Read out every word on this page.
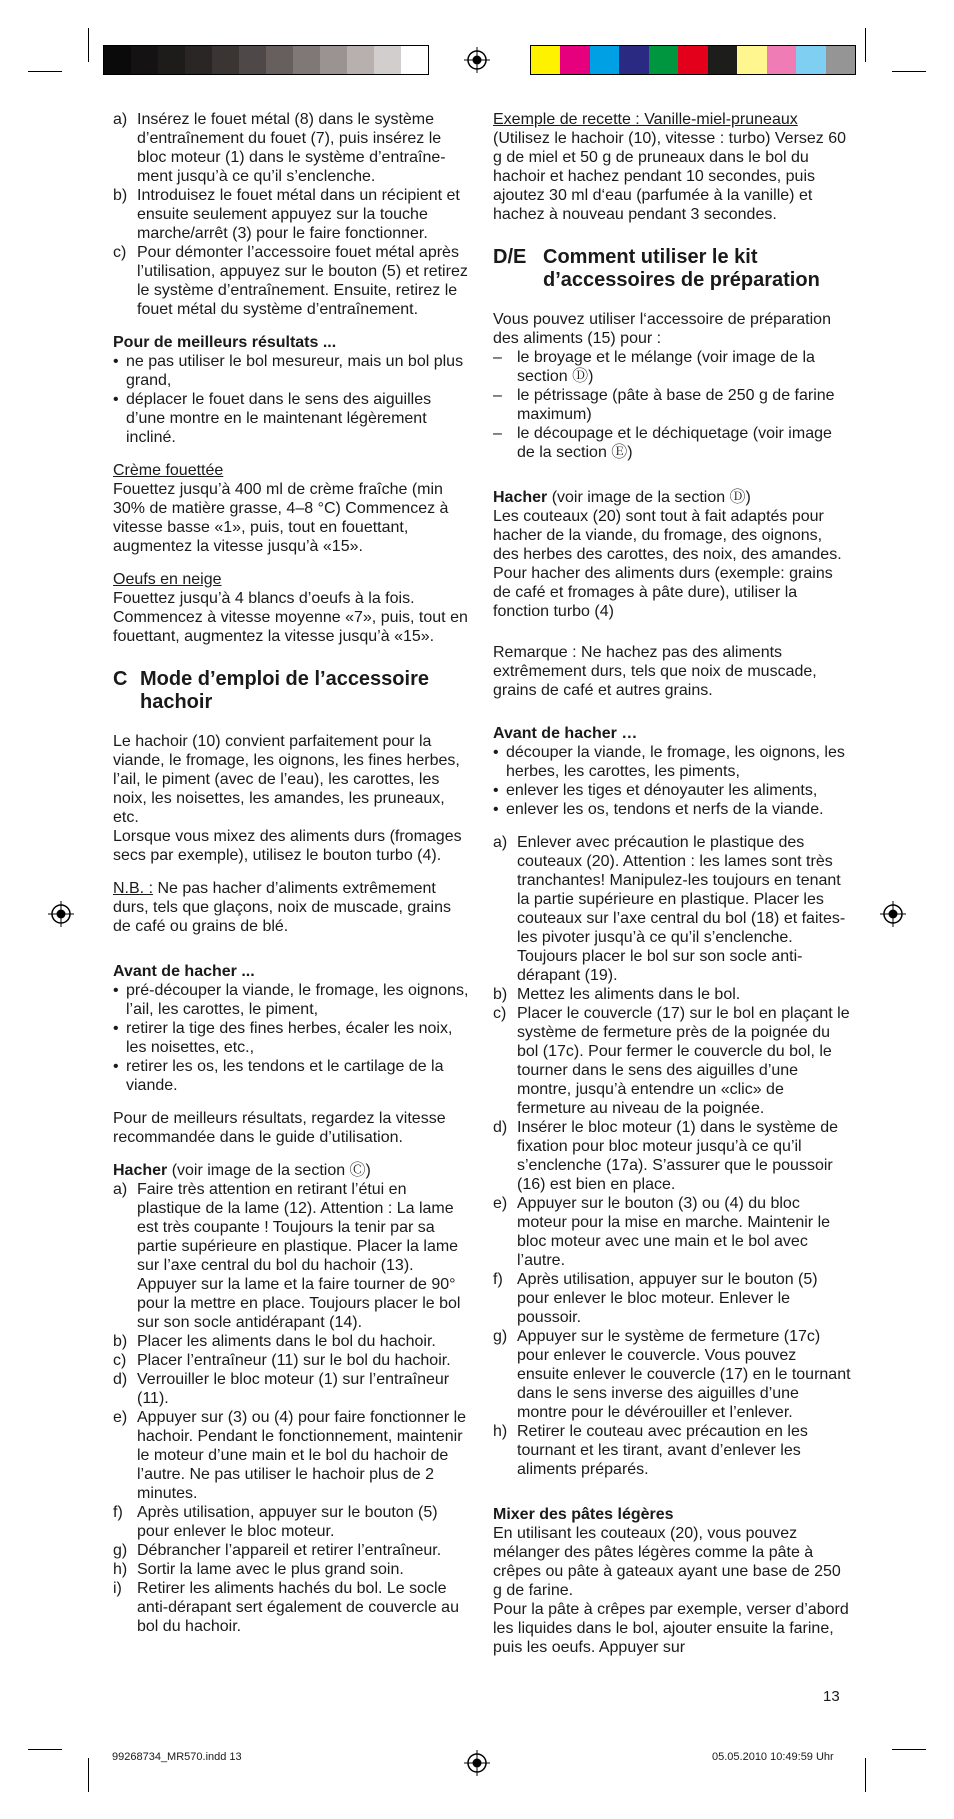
a) Insérez le fouet métal (8) dans le système d’entraînement du fouet (7), puis insérez le bloc moteur (1) dans le système d’entraînement jusqu’à ce qu’il s’enclenche.
b) Introduisez le fouet métal dans un récipient et ensuite seulement appuyez sur la touche marche/arrêt (3) pour le faire fonctionner.
c) Pour démonter l’accessoire fouet métal après l’utilisation, appuyez sur le bouton (5) et retirez le système d’entraînement. Ensuite, retirez le fouet métal du système d’entraînement.

Pour de meilleurs résultats ...

• ne pas utiliser le bol mesureur, mais un bol plus grand,
• déplacer le fouet dans le sens des aiguilles d’une montre en le maintenant légèrement incliné.

Crème fouettée

Fouettez jusqu’à 400 ml de crème fraîche (min 30% de matière grasse, 4–8 °C) Commencez à vitesse basse «1», puis, tout en fouettant, augmentez la vitesse jusqu’à «15».

Oeufs en neige

Fouettez jusqu’à 4 blancs d’oeufs à la fois. Commencez à vitesse moyenne «7», puis, tout en fouettant, augmentez la vitesse jusqu’à «15».

C Mode d’emploi de l’accessoire hachoir

Le hachoir (10) convient parfaitement pour la viande, le fromage, les oignons, les fines herbes, l’ail, le piment (avec de l’eau), les carottes, les noix, les noisettes, les amandes, les pruneaux, etc.

Lorsque vous mixez des aliments durs (fromages secs par exemple), utilisez le bouton turbo (4).

N.B. : Ne pas hacher d’aliments extrêmement durs, tels que glaçons, noix de muscade, grains de café ou grains de blé.

Avant de hacher ...

• pré-découper la viande, le fromage, les oignons, l’ail, les carottes, le piment,
• retirer la tige des fines herbes, écaler les noix, les noisettes, etc.,
• retirer les os, les tendons et le cartilage de la viande.

Pour de meilleurs résultats, regardez la vitesse recommandée dans le guide d’utilisation.

Hacher (voir image de la section Ⓒ)

a) Faire très attention en retirant l’étui en plastique de la lame (12). Attention : La lame est très coupante ! Toujours la tenir par sa partie supérieure en plastique. Placer la lame sur l’axe central du bol du hachoir (13). Appuyer sur la lame et la faire tourner de 90° pour la mettre en place. Toujours placer le bol sur son socle antidérapant (14).
b) Placer les aliments dans le bol du hachoir.
c) Placer l’entraîneur (11) sur le bol du hachoir.
d) Verrouiller le bloc moteur (1) sur l’entraîneur (11).
e) Appuyer sur (3) ou (4) pour faire fonctionner le hachoir. Pendant le fonctionnement, maintenir le moteur d’une main et le bol du hachoir de l’autre. Ne pas utiliser le hachoir plus de 2 minutes.
f) Après utilisation, appuyer sur le bouton (5) pour enlever le bloc moteur.
g) Débrancher l’appareil et retirer l’entraîneur.
h) Sortir la lame avec le plus grand soin.
i) Retirer les aliments hachés du bol. Le socle anti-dérapant sert également de couvercle au bol du hachoir.

Exemple de recette : Vanille-miel-pruneaux

(Utilisez le hachoir (10), vitesse : turbo) Versez 60 g de miel et 50 g de pruneaux dans le bol du hachoir et hachez pendant 10 secondes, puis ajoutez 30 ml d‘eau (parfumée à la vanille) et hachez à nouveau pendant 3 secondes.

D/E Comment utiliser le kit d’accessoires de préparation

Vous pouvez utiliser l‘accessoire de préparation des aliments (15) pour :

– le broyage et le mélange (voir image de la section Ⓓ)
– le pétrissage (pâte à base de 250 g de farine maximum)
– le découpage et le déchiquetage (voir image de la section Ⓔ)

Hacher (voir image de la section Ⓓ)

Les couteaux (20) sont tout à fait adaptés pour hacher de la viande, du fromage, des oignons, des herbes des carottes, des noix, des amandes. Pour hacher des aliments durs (exemple: grains de café et fromages à pâte dure), utiliser la fonction turbo (4)

Remarque : Ne hachez pas des aliments extrêmement durs, tels que noix de muscade, grains de café et autres grains.

Avant de hacher …

• découper la viande, le fromage, les oignons, les herbes, les carottes, les piments,
• enlever les tiges et dénoyauter les aliments,
• enlever les os, tendons et nerfs de la viande.
a) Enlever avec précaution le plastique des couteaux (20). Attention : les lames sont très tranchantes! Manipulez-les toujours en tenant la partie supérieure en plastique. Placer les couteaux sur l’axe central du bol (18) et faites-les pivoter jusqu’à ce qu’il s’enclenche. Toujours placer le bol sur son socle anti-dérapant (19).
b) Mettez les aliments dans le bol.
c) Placer le couvercle (17) sur le bol en plaçant le système de fermeture près de la poignée du bol (17c). Pour fermer le couvercle du bol, le tourner dans le sens des aiguilles d’une montre, jusqu’à entendre un «clic» de fermeture au niveau de la poignée.
d) Insérer le bloc moteur (1) dans le système de fixation pour bloc moteur jusqu’à ce qu’il s’enclenche (17a). S’assurer que le poussoir (16) est bien en place.
e) Appuyer sur le bouton (3) ou (4) du bloc moteur pour la mise en marche. Maintenir le bloc moteur avec une main et le bol avec l’autre.
f) Après utilisation, appuyer sur le bouton (5) pour enlever le bloc moteur. Enlever le poussoir.
g) Appuyer sur le système de fermeture (17c) pour enlever le couvercle. Vous pouvez ensuite enlever le couvercle (17) en le tournant dans le sens inverse des aiguilles d’une montre pour le dévérouiller et l’enlever.
h) Retirer le couteau avec précaution en les tournant et les tirant, avant d’enlever les aliments préparés.

Mixer des pâtes légères

En utilisant les couteaux (20), vous pouvez mélanger des pâtes légères comme la pâte à crêpes ou pâte à gateaux ayant une base de 250 g de farine.

Pour la pâte à crêpes par exemple, verser d’abord les liquides dans le bol, ajouter ensuite la farine, puis les oeufs. Appuyer sur

13
99268734_MR570.indd 13	05.05.2010 10:49:59 Uhr
